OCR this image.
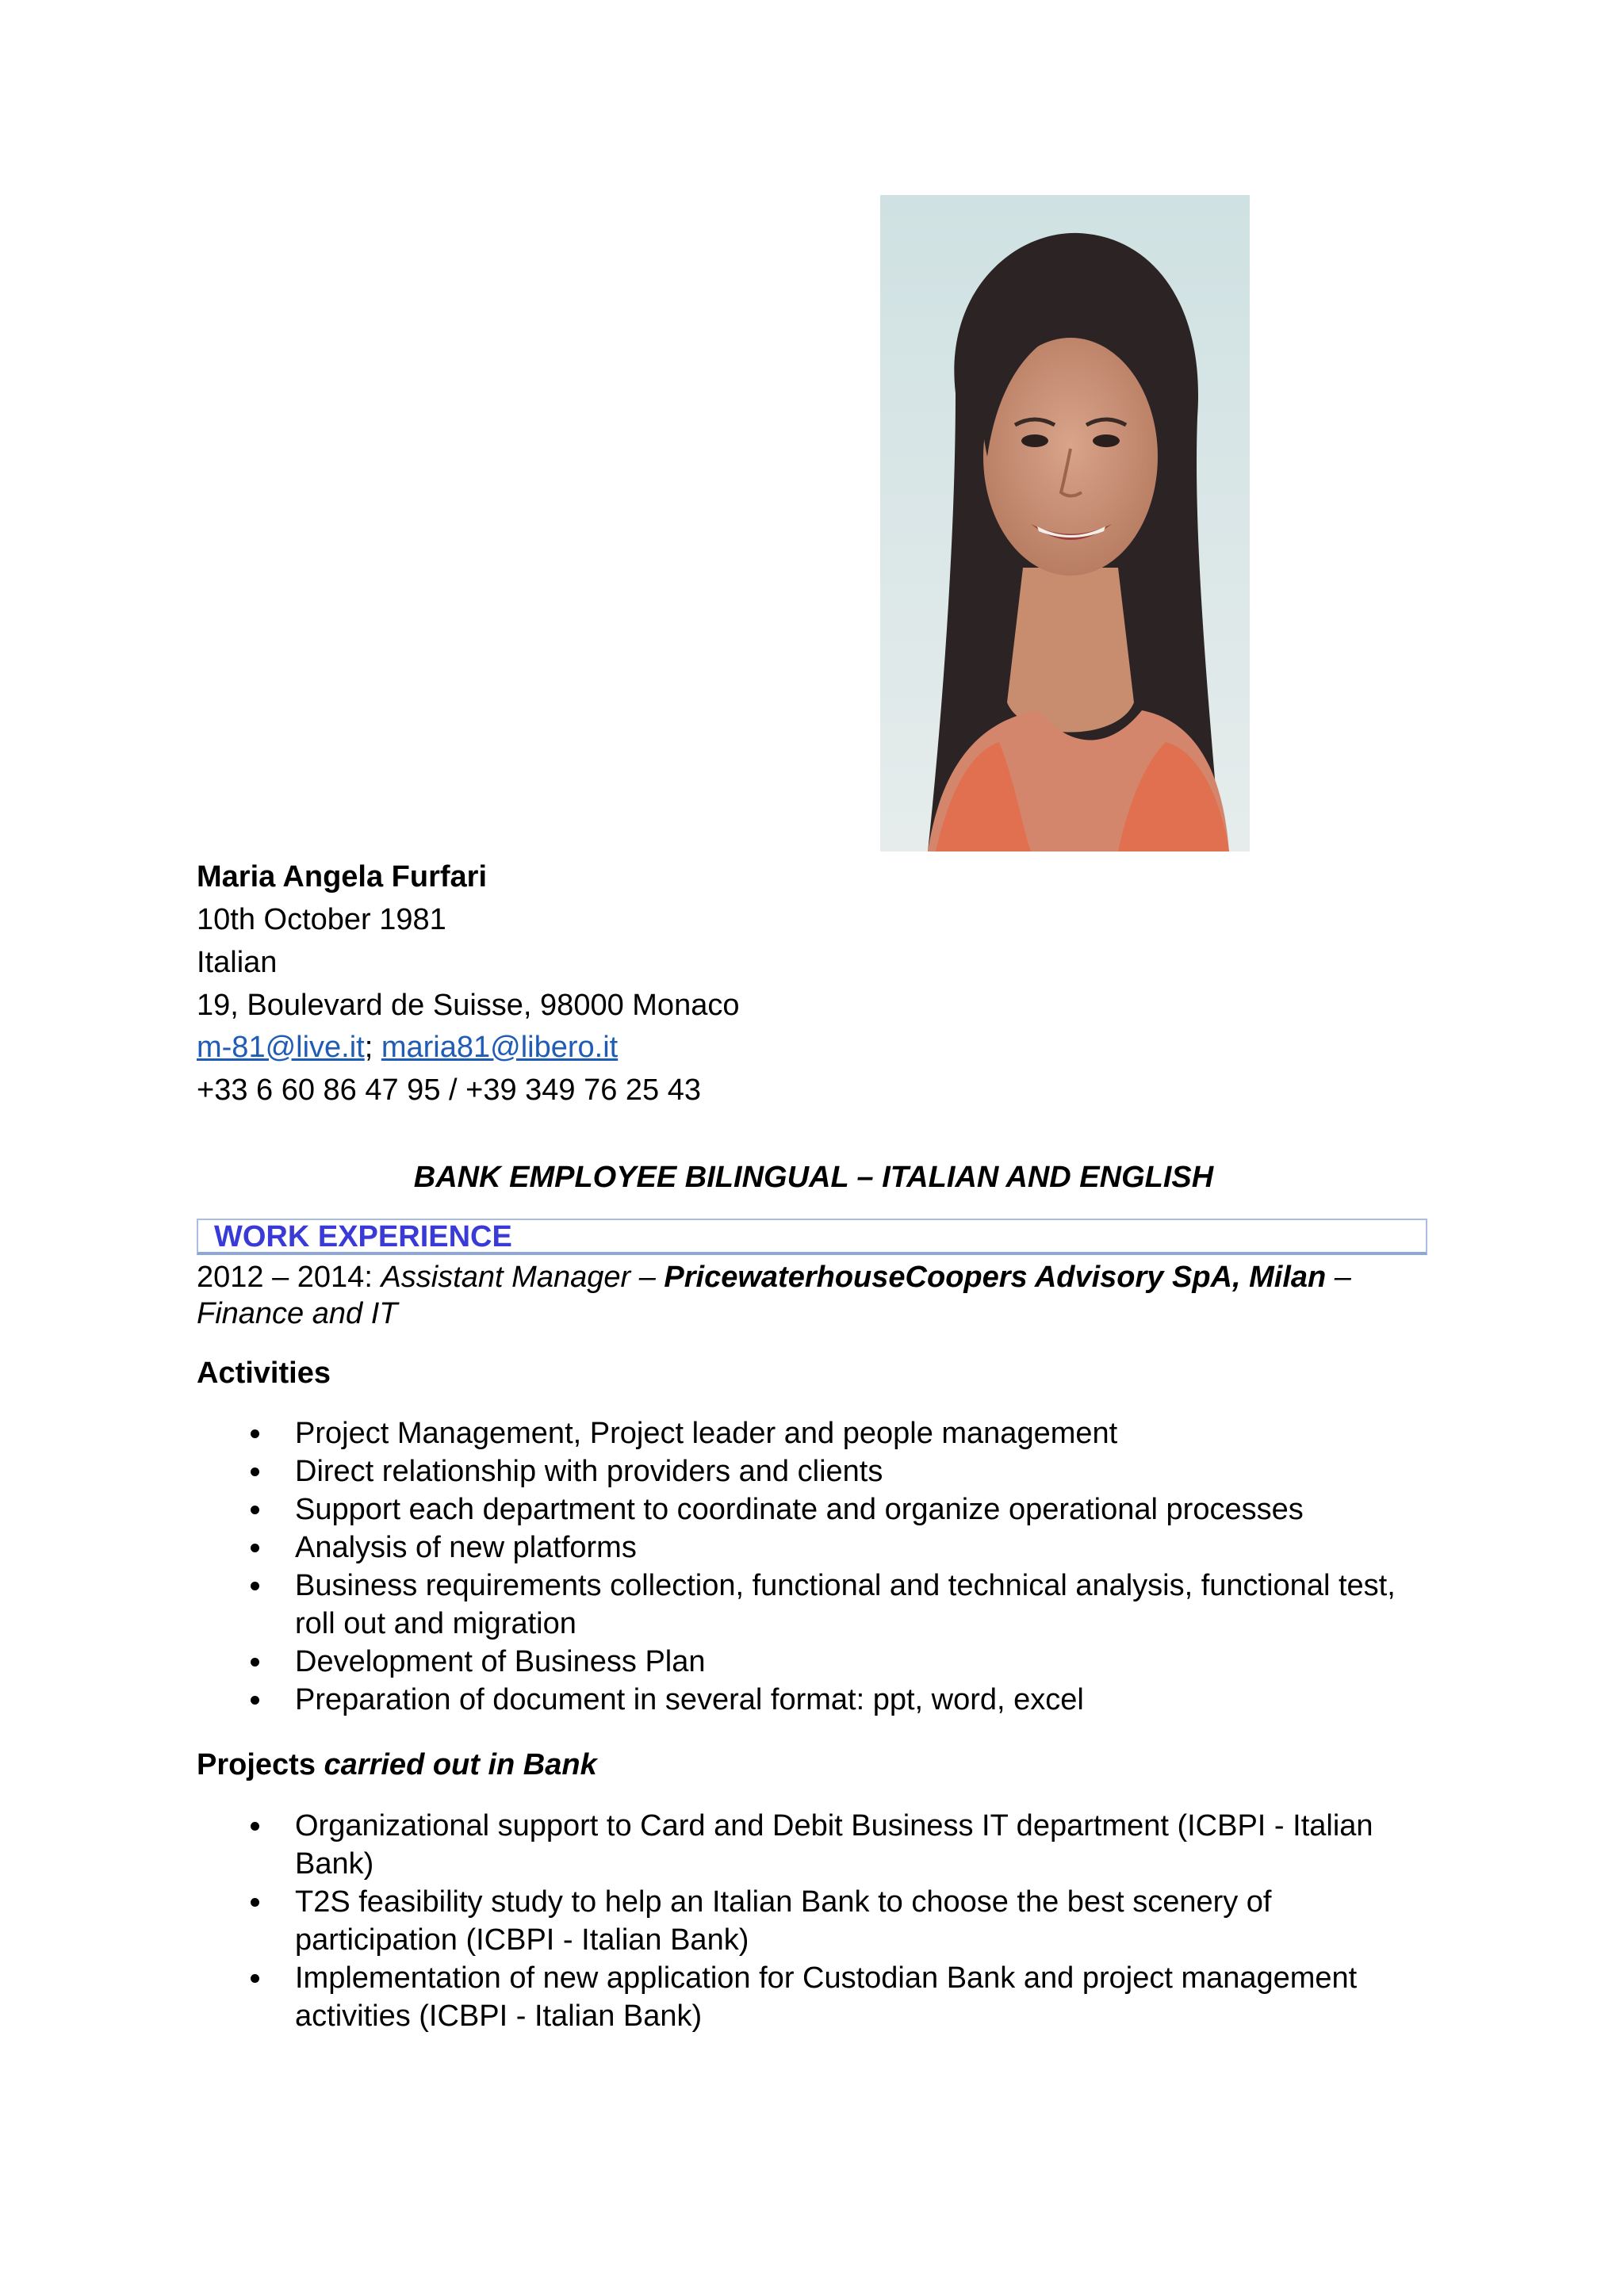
Maria Angela Furfari
10th October 1981
Italian
19, Boulevard de Suisse, 98000 Monaco
m-81@live.it; maria81@libero.it
+33 6 60 86 47 95 / +39 349 76 25 43
BANK EMPLOYEE BILINGUAL – ITALIAN AND ENGLISH
WORK EXPERIENCE
2012 – 2014: Assistant Manager – PricewaterhouseCoopers Advisory SpA, Milan – Finance and IT
Activities
Project Management, Project leader and people management
Direct relationship with providers and clients
Support each department to coordinate and organize operational processes
Analysis of new platforms
Business requirements collection, functional and technical analysis, functional test, roll out and migration
Development of Business Plan
Preparation of document in several format: ppt, word, excel
Projects carried out in Bank
Organizational support to Card and Debit Business IT department (ICBPI - Italian Bank)
T2S feasibility study to help an Italian Bank to choose the best scenery of participation (ICBPI - Italian Bank)
Implementation of new application for Custodian Bank and project management activities (ICBPI - Italian Bank)
